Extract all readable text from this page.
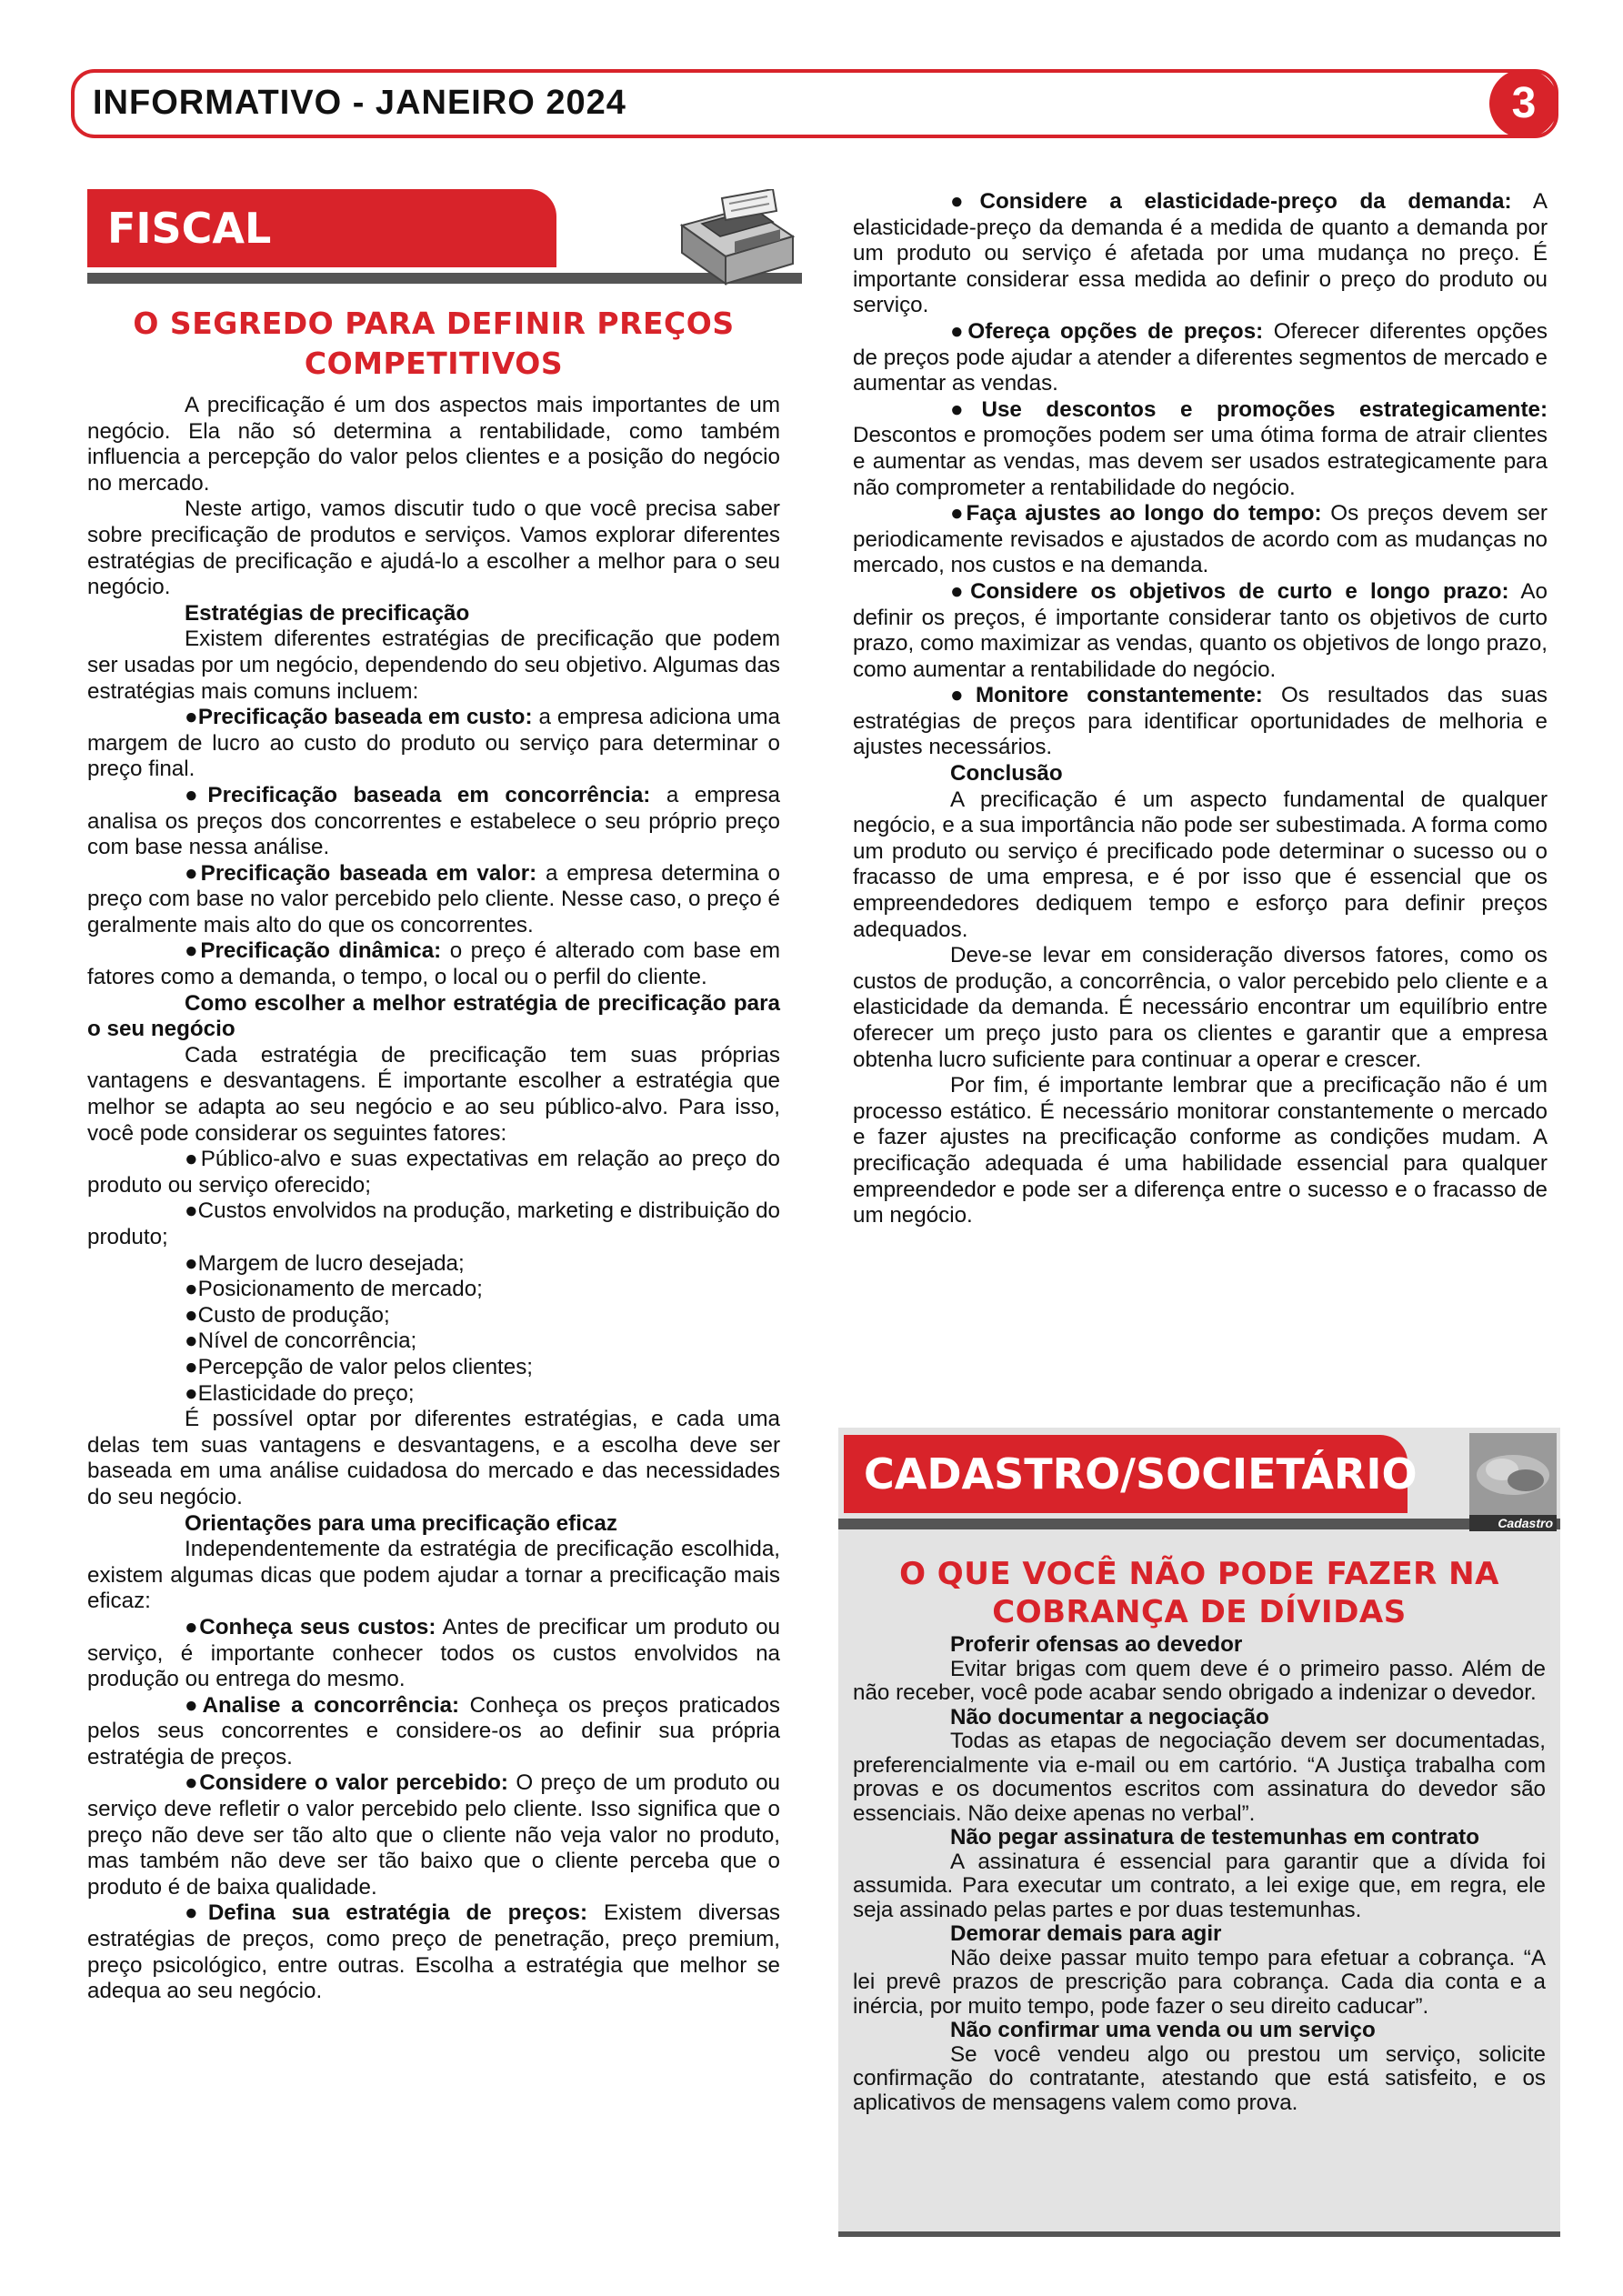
INFORMATIVO - JANEIRO 2024	3
FISCAL
O SEGREDO PARA DEFINIR PREÇOS COMPETITIVOS

A precificação é um dos aspectos mais importantes de um negócio. Ela não só determina a rentabilidade, como também influencia a percepção do valor pelos clientes e a posição do negócio no mercado.

Neste artigo, vamos discutir tudo o que você precisa saber sobre precificação de produtos e serviços. Vamos explorar diferentes estratégias de precificação e ajudá-lo a escolher a melhor para o seu negócio.

Estratégias de precificação

Existem diferentes estratégias de precificação que podem ser usadas por um negócio, dependendo do seu objetivo. Algumas das estratégias mais comuns incluem:

●Precificação baseada em custo: a empresa adiciona uma margem de lucro ao custo do produto ou serviço para determinar o preço final.

●Precificação baseada em concorrência: a empresa analisa os preços dos concorrentes e estabelece o seu próprio preço com base nessa análise.

●Precificação baseada em valor: a empresa determina o preço com base no valor percebido pelo cliente. Nesse caso, o preço é geralmente mais alto do que os concorrentes.

●Precificação dinâmica: o preço é alterado com base em fatores como a demanda, o tempo, o local ou o perfil do cliente.

Como escolher a melhor estratégia de precificação para o seu negócio

Cada estratégia de precificação tem suas próprias vantagens e desvantagens. É importante escolher a estratégia que melhor se adapta ao seu negócio e ao seu público-alvo. Para isso, você pode considerar os seguintes fatores:

●Público-alvo e suas expectativas em relação ao preço do produto ou serviço oferecido;

●Custos envolvidos na produção, marketing e distribuição do produto;

●Margem de lucro desejada;

●Posicionamento de mercado;

●Custo de produção;

●Nível de concorrência;

●Percepção de valor pelos clientes;

●Elasticidade do preço;

É possível optar por diferentes estratégias, e cada uma delas tem suas vantagens e desvantagens, e a escolha deve ser baseada em uma análise cuidadosa do mercado e das necessidades do seu negócio.

Orientações para uma precificação eficaz

Independentemente da estratégia de precificação escolhida, existem algumas dicas que podem ajudar a tornar a precificação mais eficaz:

●Conheça seus custos: Antes de precificar um produto ou serviço, é importante conhecer todos os custos envolvidos na produção ou entrega do mesmo.

●Analise a concorrência: Conheça os preços praticados pelos seus concorrentes e considere-os ao definir sua própria estratégia de preços.

●Considere o valor percebido: O preço de um produto ou serviço deve refletir o valor percebido pelo cliente. Isso significa que o preço não deve ser tão alto que o cliente não veja valor no produto, mas também não deve ser tão baixo que o cliente perceba que o produto é de baixa qualidade.

●Defina sua estratégia de preços: Existem diversas estratégias de preços, como preço de penetração, preço premium, preço psicológico, entre outras. Escolha a estratégia que melhor se adequa ao seu negócio.

●Considere a elasticidade-preço da demanda: A elasticidade-preço da demanda é a medida de quanto a demanda por um produto ou serviço é afetada por uma mudança no preço. É importante considerar essa medida ao definir o preço do produto ou serviço.

●Ofereça opções de preços: Oferecer diferentes opções de preços pode ajudar a atender a diferentes segmentos de mercado e aumentar as vendas.

●Use descontos e promoções estrategicamente: Descontos e promoções podem ser uma ótima forma de atrair clientes e aumentar as vendas, mas devem ser usados estrategicamente para não comprometer a rentabilidade do negócio.

●Faça ajustes ao longo do tempo: Os preços devem ser periodicamente revisados e ajustados de acordo com as mudanças no mercado, nos custos e na demanda.

●Considere os objetivos de curto e longo prazo: Ao definir os preços, é importante considerar tanto os objetivos de curto prazo, como maximizar as vendas, quanto os objetivos de longo prazo, como aumentar a rentabilidade do negócio.

●Monitore constantemente: Os resultados das suas estratégias de preços para identificar oportunidades de melhoria e ajustes necessários.

Conclusão

A precificação é um aspecto fundamental de qualquer negócio, e a sua importância não pode ser subestimada. A forma como um produto ou serviço é precificado pode determinar o sucesso ou o fracasso de uma empresa, e é por isso que é essencial que os empreendedores dediquem tempo e esforço para definir preços adequados.

Deve-se levar em consideração diversos fatores, como os custos de produção, a concorrência, o valor percebido pelo cliente e a elasticidade da demanda. É necessário encontrar um equilíbrio entre oferecer um preço justo para os clientes e garantir que a empresa obtenha lucro suficiente para continuar a operar e crescer.

Por fim, é importante lembrar que a precificação não é um processo estático. É necessário monitorar constantemente o mercado e fazer ajustes na precificação conforme as condições mudam. A precificação adequada é uma habilidade essencial para qualquer empreendedor e pode ser a diferença entre o sucesso e o fracasso de um negócio.

CADASTRO/SOCIETÁRIO
Cadastro
O QUE VOCÊ NÃO PODE FAZER NA COBRANÇA DE DÍVIDAS

Proferir ofensas ao devedor

Evitar brigas com quem deve é o primeiro passo. Além de não receber, você pode acabar sendo obrigado a indenizar o devedor.

Não documentar a negociação

Todas as etapas de negociação devem ser documentadas, preferencialmente via e-mail ou em cartório. “A Justiça trabalha com provas e os documentos escritos com assinatura do devedor são essenciais. Não deixe apenas no verbal”.

Não pegar assinatura de testemunhas em contrato

A assinatura é essencial para garantir que a dívida foi assumida. Para executar um contrato, a lei exige que, em regra, ele seja assinado pelas partes e por duas testemunhas.

Demorar demais para agir

Não deixe passar muito tempo para efetuar a cobrança. “A lei prevê prazos de prescrição para cobrança. Cada dia conta e a inércia, por muito tempo, pode fazer o seu direito caducar”.

Não confirmar uma venda ou um serviço

Se você vendeu algo ou prestou um serviço, solicite confirmação do contratante, atestando que está satisfeito, e os aplicativos de mensagens valem como prova.
